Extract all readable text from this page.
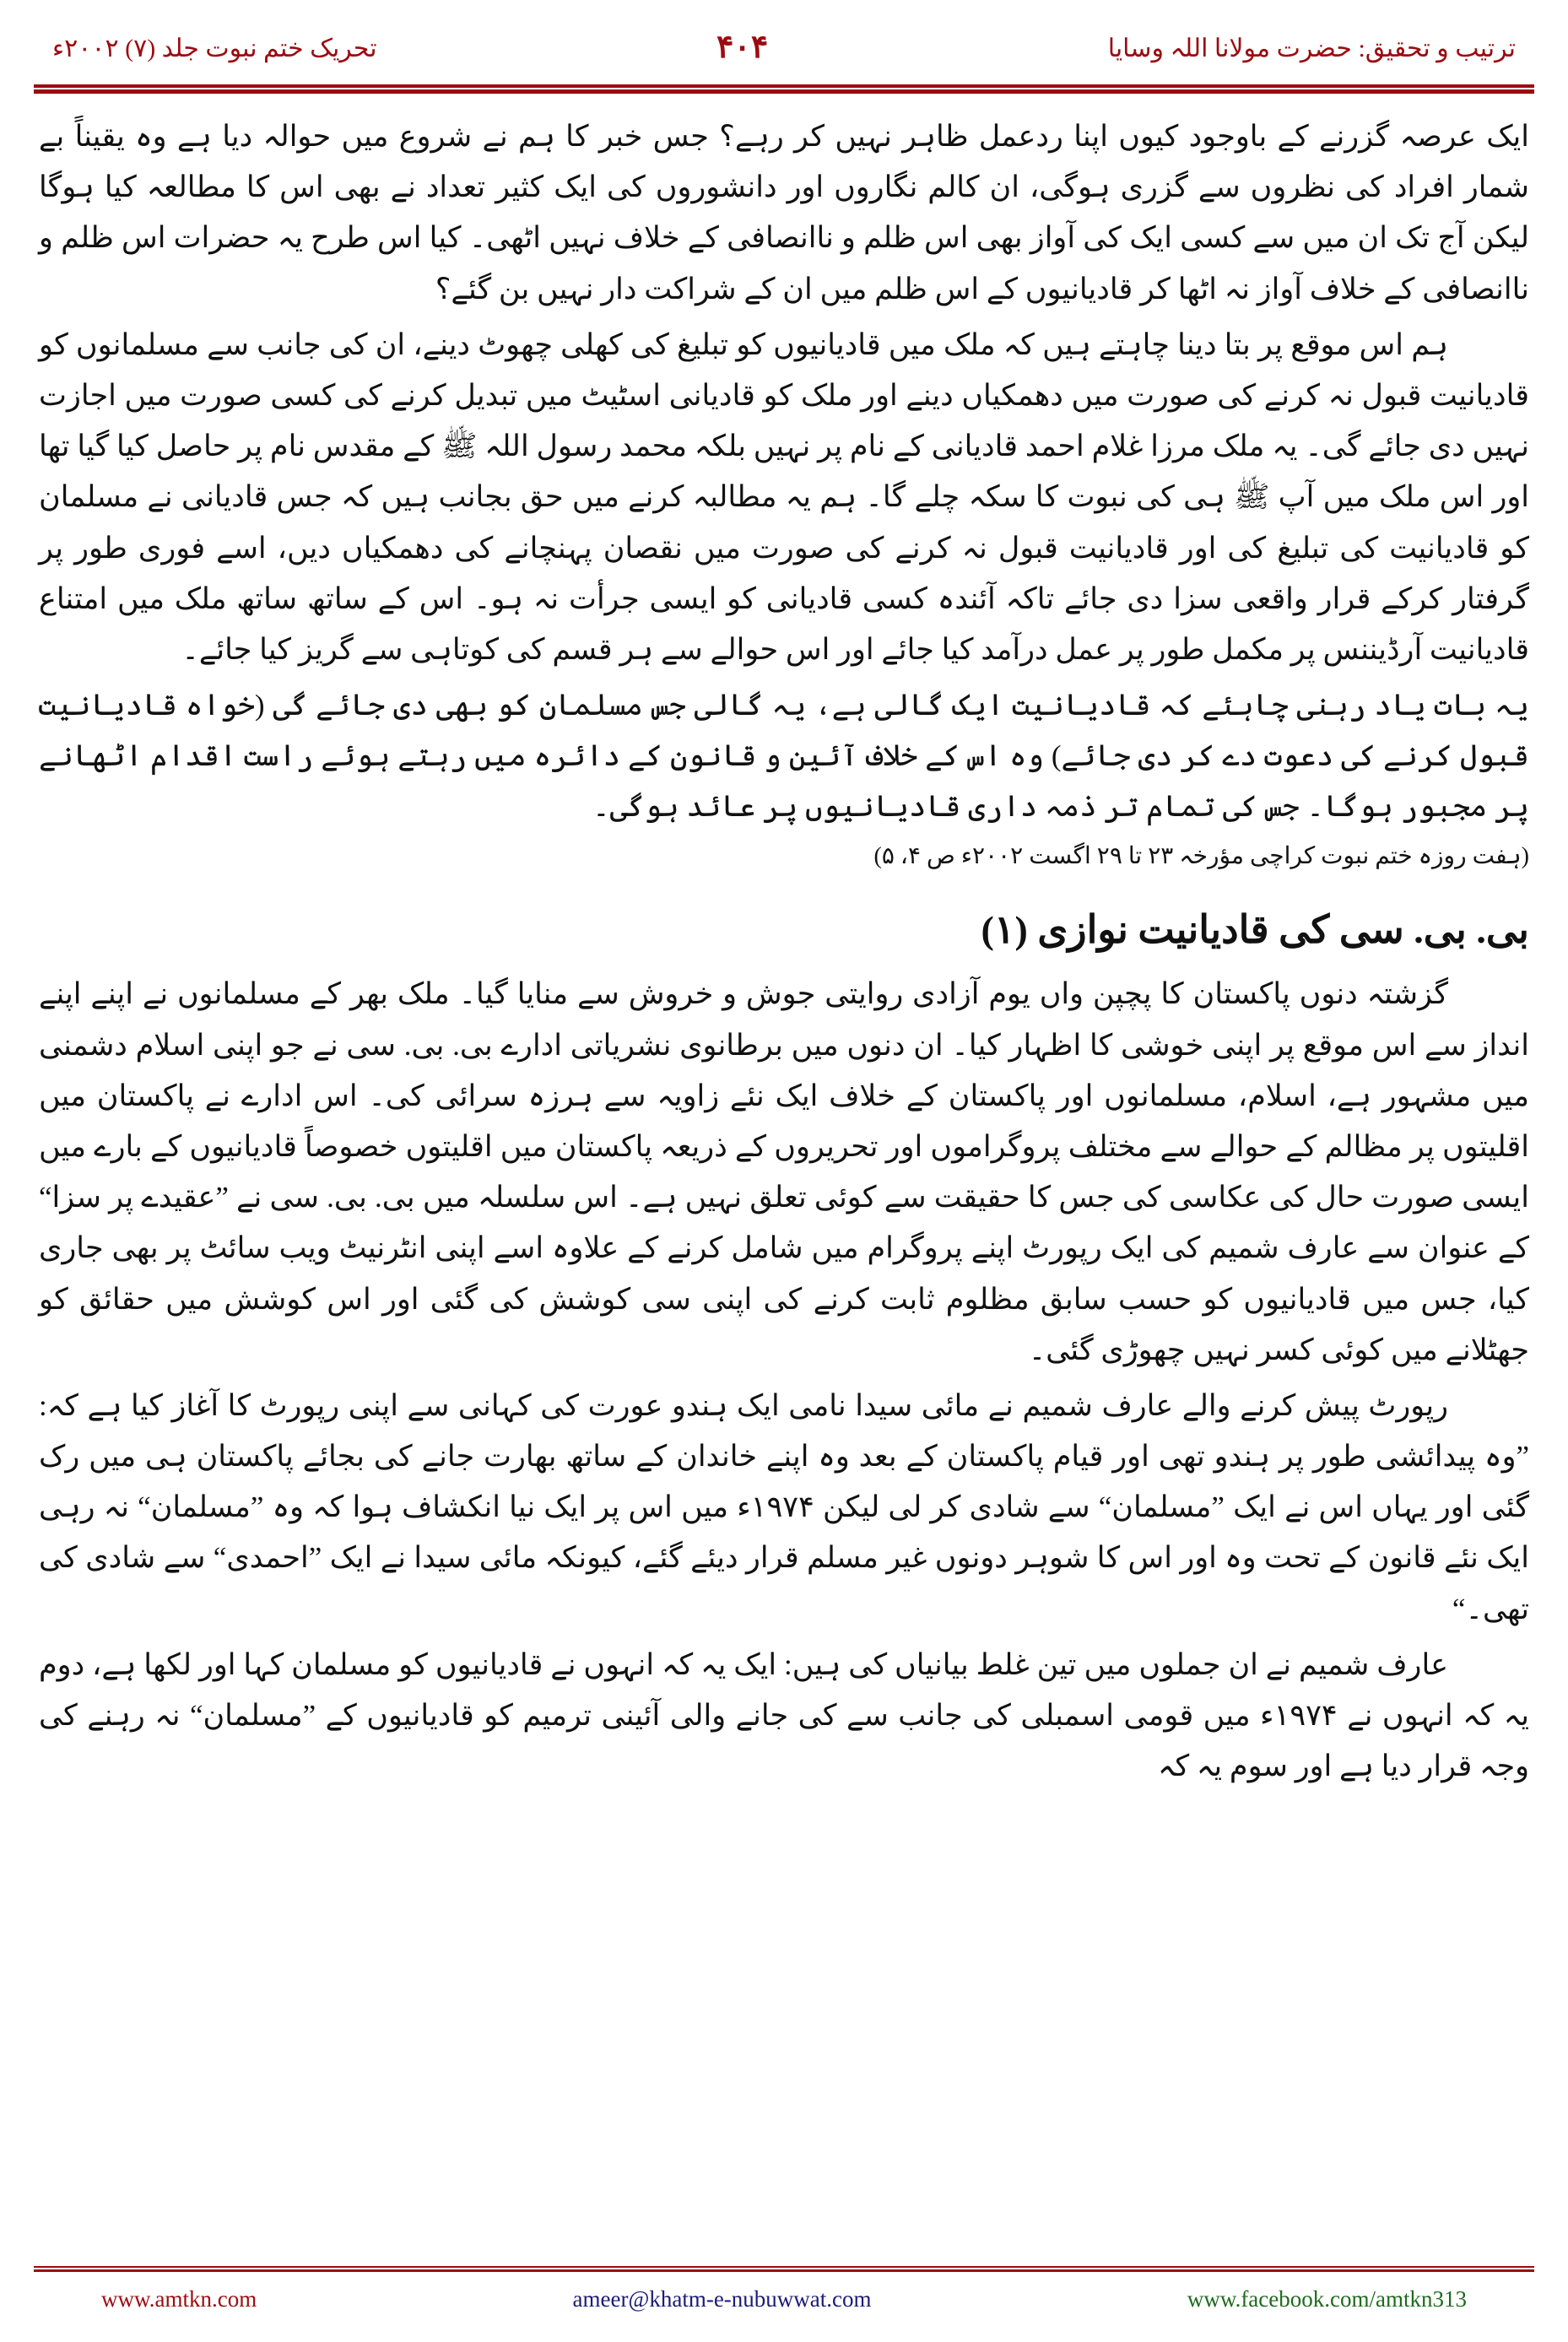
تحریک ختم نبوت جلد (۷) ۲۰۰۲ء	۴۰۴	ترتیب و تحقیق: حضرت مولانا اللہ وسایا

ایک عرصہ گزرنے کے باوجود کیوں اپنا ردعمل ظاہر نہیں کر رہے؟ جس خبر کا ہم نے شروع میں حوالہ دیا ہے وہ یقیناً بے شمار افراد کی نظروں سے گزری ہوگی، ان کالم نگاروں اور دانشوروں کی ایک کثیر تعداد نے بھی اس کا مطالعہ کیا ہوگا لیکن آج تک ان میں سے کسی ایک کی آواز بھی اس ظلم و ناانصافی کے خلاف نہیں اٹھی۔ کیا اس طرح یہ حضرات اس ظلم و ناانصافی کے خلاف آواز نہ اٹھا کر قادیانیوں کے اس ظلم میں ان کے شراکت دار نہیں بن گئے؟

ہم اس موقع پر بتا دینا چاہتے ہیں کہ ملک میں قادیانیوں کو تبلیغ کی کھلی چھوٹ دینے، ان کی جانب سے مسلمانوں کو قادیانیت قبول نہ کرنے کی صورت میں دھمکیاں دینے اور ملک کو قادیانی اسٹیٹ میں تبدیل کرنے کی کسی صورت میں اجازت نہیں دی جائے گی۔ یہ ملک مرزا غلام احمد قادیانی کے نام پر نہیں بلکہ محمد رسول اللہ ﷺ کے مقدس نام پر حاصل کیا گیا تھا اور اس ملک میں آپ ﷺ ہی کی نبوت کا سکہ چلے گا۔ ہم یہ مطالبہ کرنے میں حق بجانب ہیں کہ جس قادیانی نے مسلمان کو قادیانیت کی تبلیغ کی اور قادیانیت قبول نہ کرنے کی صورت میں نقصان پہنچانے کی دھمکیاں دیں، اسے فوری طور پر گرفتار کرکے قرار واقعی سزا دی جائے تاکہ آئندہ کسی قادیانی کو ایسی جرأت نہ ہو۔ اس کے ساتھ ساتھ ملک میں امتناع قادیانیت آرڈیننس پر مکمل طور پر عمل درآمد کیا جائے اور اس حوالے سے ہر قسم کی کوتاہی سے گریز کیا جائے۔

یہ بات یاد رہنی چاہئے کہ قادیانیت ایک گالی ہے، یہ گالی جس مسلمان کو بھی دی جائے گی (خواہ قادیانیت قبول کرنے کی دعوت دے کر دی جائے) وہ اس کے خلاف آئین و قانون کے دائرہ میں رہتے ہوئے راست اقدام اٹھانے پر مجبور ہوگا۔ جس کی تمام تر ذمہ داری قادیانیوں پر عائد ہوگی۔

(ہفت روزہ ختم نبوت کراچی مؤرخہ ۲۳ تا ۲۹ اگست ۲۰۰۲ء ص ۴، ۵)

بی. بی. سی کی قادیانیت نوازی (۱)

گزشتہ دنوں پاکستان کا پچپن واں یوم آزادی روایتی جوش و خروش سے منایا گیا۔ ملک بھر کے مسلمانوں نے اپنے اپنے انداز سے اس موقع پر اپنی خوشی کا اظہار کیا۔ ان دنوں میں برطانوی نشریاتی ادارے بی. بی. سی نے جو اپنی اسلام دشمنی میں مشہور ہے، اسلام، مسلمانوں اور پاکستان کے خلاف ایک نئے زاویہ سے ہرزہ سرائی کی۔ اس ادارے نے پاکستان میں اقلیتوں پر مظالم کے حوالے سے مختلف پروگراموں اور تحریروں کے ذریعہ پاکستان میں اقلیتوں خصوصاً قادیانیوں کے بارے میں ایسی صورت حال کی عکاسی کی جس کا حقیقت سے کوئی تعلق نہیں ہے۔ اس سلسلہ میں بی. بی. سی نے ”عقیدے پر سزا“ کے عنوان سے عارف شمیم کی ایک رپورٹ اپنے پروگرام میں شامل کرنے کے علاوہ اسے اپنی انٹرنیٹ ویب سائٹ پر بھی جاری کیا، جس میں قادیانیوں کو حسب سابق مظلوم ثابت کرنے کی اپنی سی کوشش کی گئی اور اس کوشش میں حقائق کو جھٹلانے میں کوئی کسر نہیں چھوڑی گئی۔

رپورٹ پیش کرنے والے عارف شمیم نے مائی سیدا نامی ایک ہندو عورت کی کہانی سے اپنی رپورٹ کا آغاز کیا ہے کہ: ”وہ پیدائشی طور پر ہندو تھی اور قیام پاکستان کے بعد وہ اپنے خاندان کے ساتھ بھارت جانے کی بجائے پاکستان ہی میں رک گئی اور یہاں اس نے ایک ”مسلمان“ سے شادی کر لی لیکن ۱۹۷۴ء میں اس پر ایک نیا انکشاف ہوا کہ وہ ”مسلمان“ نہ رہی ایک نئے قانون کے تحت وہ اور اس کا شوہر دونوں غیر مسلم قرار دیئے گئے، کیونکہ مائی سیدا نے ایک ”احمدی“ سے شادی کی تھی۔“

عارف شمیم نے ان جملوں میں تین غلط بیانیاں کی ہیں: ایک یہ کہ انہوں نے قادیانیوں کو مسلمان کہا اور لکھا ہے، دوم یہ کہ انہوں نے ۱۹۷۴ء میں قومی اسمبلی کی جانب سے کی جانے والی آئینی ترمیم کو قادیانیوں کے ”مسلمان“ نہ رہنے کی وجہ قرار دیا ہے اور سوم یہ کہ

www.amtkn.com	ameer@khatm-e-nubuwwat.com	www.facebook.com/amtkn313
